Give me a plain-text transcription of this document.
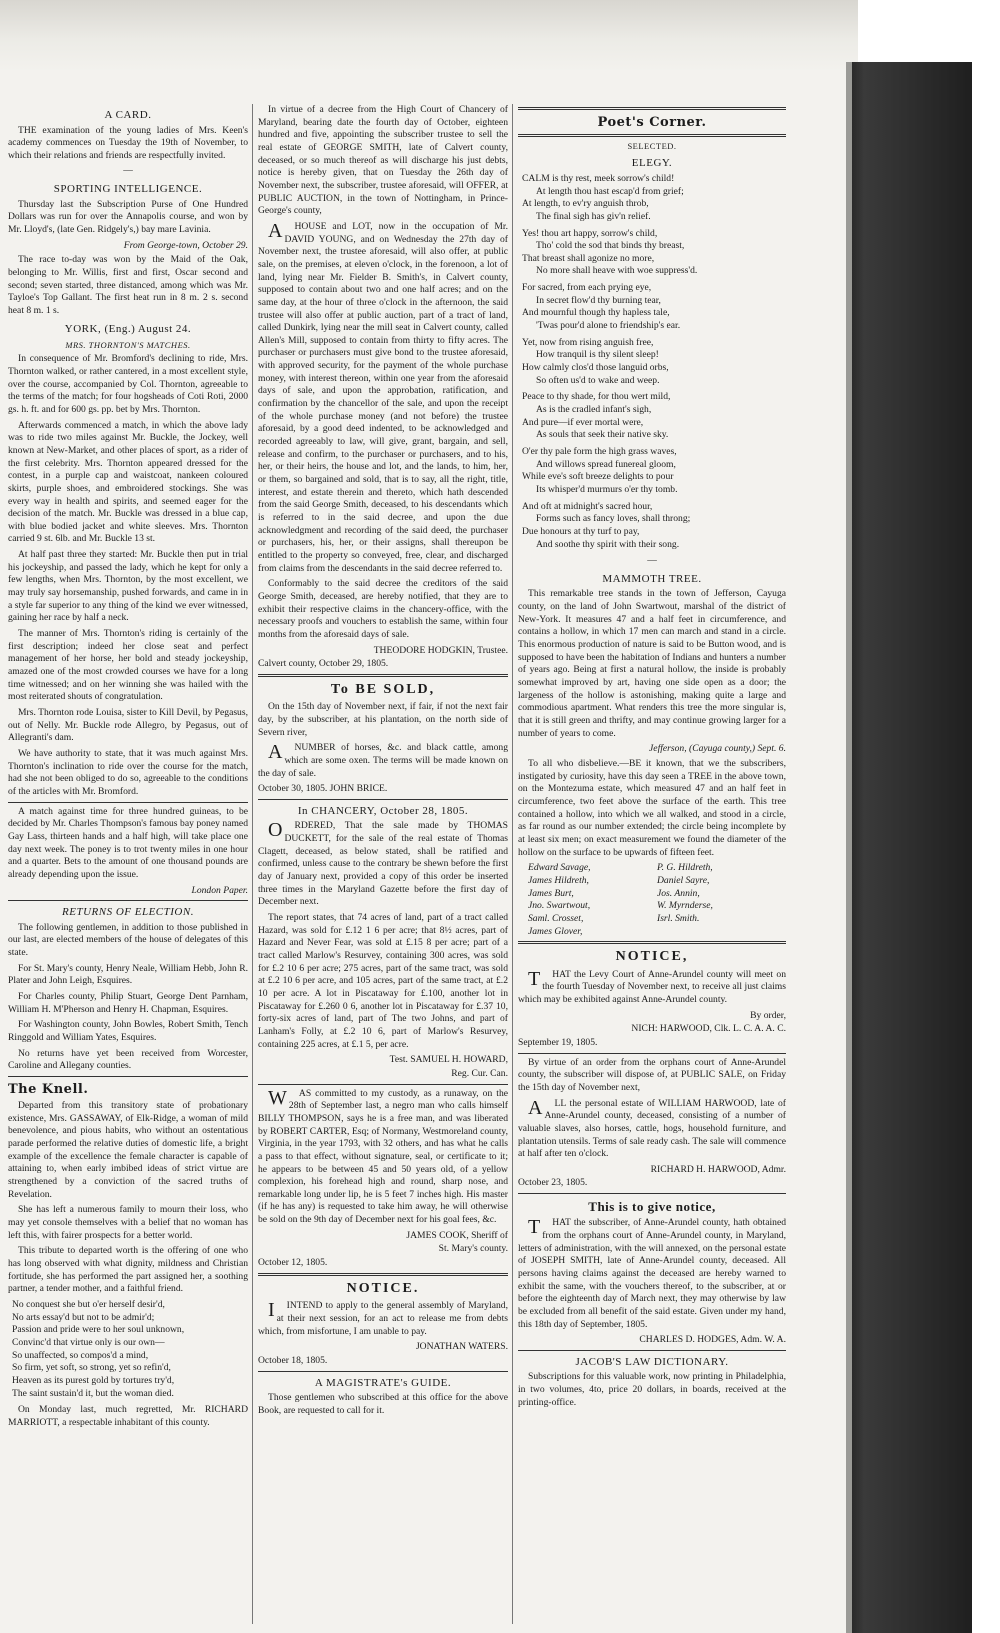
A CARD.

THE examination of the young ladies of Mrs. Keen's academy commences on Tuesday the 19th of November, to which their relations and friends are respectfully invited.

—
SPORTING INTELLIGENCE.

Thursday last the Subscription Purse of One Hundred Dollars was run for over the Annapolis course, and won by Mr. Lloyd's, (late Gen. Ridgely's,) bay mare Lavinia.

From George-town, October 29.

The race to-day was won by the Maid of the Oak, belonging to Mr. Willis, first and first, Oscar second and second; seven started, three distanced, among which was Mr. Tayloe's Top Gallant. The first heat run in 8 m. 2 s. second heat 8 m. 1 s.

YORK, (Eng.) August 24.
MRS. THORNTON'S MATCHES.

In consequence of Mr. Bromford's declining to ride, Mrs. Thornton walked, or rather cantered, in a most excellent style, over the course, accompanied by Col. Thornton, agreeable to the terms of the match; for four hogsheads of Coti Roti, 2000 gs. h. ft. and for 600 gs. pp. bet by Mrs. Thornton.

Afterwards commenced a match, in which the above lady was to ride two miles against Mr. Buckle, the Jockey, well known at New-Market, and other places of sport, as a rider of the first celebrity. Mrs. Thornton appeared dressed for the contest, in a purple cap and waistcoat, nankeen coloured skirts, purple shoes, and embroidered stockings. She was every way in health and spirits, and seemed eager for the decision of the match. Mr. Buckle was dressed in a blue cap, with blue bodied jacket and white sleeves. Mrs. Thornton carried 9 st. 6lb. and Mr. Buckle 13 st.

At half past three they started: Mr. Buckle then put in trial his jockeyship, and passed the lady, which he kept for only a few lengths, when Mrs. Thornton, by the most excellent, we may truly say horsemanship, pushed forwards, and came in in a style far superior to any thing of the kind we ever witnessed, gaining her race by half a neck.

The manner of Mrs. Thornton's riding is certainly of the first description; indeed her close seat and perfect management of her horse, her bold and steady jockeyship, amazed one of the most crowded courses we have for a long time witnessed; and on her winning she was hailed with the most reiterated shouts of congratulation.

Mrs. Thornton rode Louisa, sister to Kill Devil, by Pegasus, out of Nelly. Mr. Buckle rode Allegro, by Pegasus, out of Allegranti's dam.

We have authority to state, that it was much against Mrs. Thornton's inclination to ride over the course for the match, had she not been obliged to do so, agreeable to the conditions of the articles with Mr. Bromford.

A match against time for three hundred guineas, to be decided by Mr. Charles Thompson's famous bay poney named Gay Lass, thirteen hands and a half high, will take place one day next week. The poney is to trot twenty miles in one hour and a quarter. Bets to the amount of one thousand pounds are already depending upon the issue.

London Paper.
RETURNS OF ELECTION.

The following gentlemen, in addition to those published in our last, are elected members of the house of delegates of this state.

For St. Mary's county, Henry Neale, William Hebb, John R. Plater and John Leigh, Esquires.

For Charles county, Philip Stuart, George Dent Parnham, William H. M'Pherson and Henry H. Chapman, Esquires.

For Washington county, John Bowles, Robert Smith, Tench Ringgold and William Yates, Esquires.

No returns have yet been received from Worcester, Caroline and Allegany counties.

The Knell.

Departed from this transitory state of probationary existence, Mrs. GASSAWAY, of Elk-Ridge, a woman of mild benevolence, and pious habits, who without an ostentatious parade performed the relative duties of domestic life, a bright example of the excellence the female character is capable of attaining to, when early imbibed ideas of strict virtue are strengthened by a conviction of the sacred truths of Revelation.

She has left a numerous family to mourn their loss, who may yet console themselves with a belief that no woman has left this, with fairer prospects for a better world.

This tribute to departed worth is the offering of one who has long observed with what dignity, mildness and Christian fortitude, she has performed the part assigned her, a soothing partner, a tender mother, and a faithful friend.

No conquest she but o'er herself desir'd,
No arts essay'd but not to be admir'd;
Passion and pride were to her soul unknown,
Convinc'd that virtue only is our own—
So unaffected, so compos'd a mind,
So firm, yet soft, so strong, yet so refin'd,
Heaven as its purest gold by tortures try'd,
The saint sustain'd it, but the woman died.

On Monday last, much regretted, Mr. RICHARD MARRIOTT, a respectable inhabitant of this county.

In virtue of a decree from the High Court of Chancery of Maryland, bearing date the fourth day of October, eighteen hundred and five, appointing the subscriber trustee to sell the real estate of GEORGE SMITH, late of Calvert county, deceased, or so much thereof as will discharge his just debts, notice is hereby given, that on Tuesday the 26th day of November next, the subscriber, trustee aforesaid, will OFFER, at PUBLIC AUCTION, in the town of Nottingham, in Prince-George's county,

AHOUSE and LOT, now in the occupation of Mr. DAVID YOUNG, and on Wednesday the 27th day of November next, the trustee aforesaid, will also offer, at public sale, on the premises, at eleven o'clock, in the forenoon, a lot of land, lying near Mr. Fielder B. Smith's, in Calvert county, supposed to contain about two and one half acres; and on the same day, at the hour of three o'clock in the afternoon, the said trustee will also offer at public auction, part of a tract of land, called Dunkirk, lying near the mill seat in Calvert county, called Allen's Mill, supposed to contain from thirty to fifty acres. The purchaser or purchasers must give bond to the trustee aforesaid, with approved security, for the payment of the whole purchase money, with interest thereon, within one year from the aforesaid days of sale, and upon the approbation, ratification, and confirmation by the chancellor of the sale, and upon the receipt of the whole purchase money (and not before) the trustee aforesaid, by a good deed indented, to be acknowledged and recorded agreeably to law, will give, grant, bargain, and sell, release and confirm, to the purchaser or purchasers, and to his, her, or their heirs, the house and lot, and the lands, to him, her, or them, so bargained and sold, that is to say, all the right, title, interest, and estate therein and thereto, which hath descended from the said George Smith, deceased, to his descendants which is referred to in the said decree, and upon the due acknowledgment and recording of the said deed, the purchaser or purchasers, his, her, or their assigns, shall thereupon be entitled to the property so conveyed, free, clear, and discharged from claims from the descendants in the said decree referred to.

Conformably to the said decree the creditors of the said George Smith, deceased, are hereby notified, that they are to exhibit their respective claims in the chancery-office, with the necessary proofs and vouchers to establish the same, within four months from the aforesaid days of sale.

THEODORE HODGKIN, Trustee.
Calvert county, October 29, 1805.
To BE SOLD,

On the 15th day of November next, if fair, if not the next fair day, by the subscriber, at his plantation, on the north side of Severn river,

ANUMBER of horses, &c. and black cattle, among which are some oxen. The terms will be made known on the day of sale.

October 30, 1805. JOHN BRICE.
In CHANCERY, October 28, 1805.

ORDERED, That the sale made by THOMAS DUCKETT, for the sale of the real estate of Thomas Clagett, deceased, as below stated, shall be ratified and confirmed, unless cause to the contrary be shewn before the first day of January next, provided a copy of this order be inserted three times in the Maryland Gazette before the first day of December next.

The report states, that 74 acres of land, part of a tract called Hazard, was sold for £.12 1 6 per acre; that 8½ acres, part of Hazard and Never Fear, was sold at £.15 8 per acre; part of a tract called Marlow's Resurvey, containing 300 acres, was sold for £.2 10 6 per acre; 275 acres, part of the same tract, was sold at £.2 10 6 per acre, and 105 acres, part of the same tract, at £.2 10 per acre. A lot in Piscataway for £.100, another lot in Piscataway for £.260 0 6, another lot in Piscataway for £.37 10, forty-six acres of land, part of The two Johns, and part of Lanham's Folly, at £.2 10 6, part of Marlow's Resurvey, containing 225 acres, at £.1 5, per acre.

Test. SAMUEL H. HOWARD,
Reg. Cur. Can.

WAS committed to my custody, as a runaway, on the 28th of September last, a negro man who calls himself BILLY THOMPSON, says he is a free man, and was liberated by ROBERT CARTER, Esq; of Normany, Westmoreland county, Virginia, in the year 1793, with 32 others, and has what he calls a pass to that effect, without signature, seal, or certificate to it; he appears to be between 45 and 50 years old, of a yellow complexion, his forehead high and round, sharp nose, and remarkable long under lip, he is 5 feet 7 inches high. His master (if he has any) is requested to take him away, he will otherwise be sold on the 9th day of December next for his goal fees, &c.

JAMES COOK, Sheriff of
St. Mary's county.
October 12, 1805.
NOTICE.

IINTEND to apply to the general assembly of Maryland, at their next session, for an act to release me from debts which, from misfortune, I am unable to pay.

JONATHAN WATERS.
October 18, 1805.
A MAGISTRATE's GUIDE.

Those gentlemen who subscribed at this office for the above Book, are requested to call for it.

Poet's Corner.
SELECTED.
ELEGY.
CALM is thy rest, meek sorrow's child!
At length thou hast escap'd from grief;
At length, to ev'ry anguish throb,
The final sigh has giv'n relief.
Yes! thou art happy, sorrow's child,
Tho' cold the sod that binds thy breast,
That breast shall agonize no more,
No more shall heave with woe suppress'd.
For sacred, from each prying eye,
In secret flow'd thy burning tear,
And mournful though thy hapless tale,
'Twas pour'd alone to friendship's ear.
Yet, now from rising anguish free,
How tranquil is thy silent sleep!
How calmly clos'd those languid orbs,
So often us'd to wake and weep.
Peace to thy shade, for thou wert mild,
As is the cradled infant's sigh,
And pure—if ever mortal were,
As souls that seek their native sky.
O'er thy pale form the high grass waves,
And willows spread funereal gloom,
While eve's soft breeze delights to pour
Its whisper'd murmurs o'er thy tomb.
And oft at midnight's sacred hour,
Forms such as fancy loves, shall throng;
Due honours at thy turf to pay,
And soothe thy spirit with their song.
—
MAMMOTH TREE.

This remarkable tree stands in the town of Jefferson, Cayuga county, on the land of John Swartwout, marshal of the district of New-York. It measures 47 and a half feet in circumference, and contains a hollow, in which 17 men can march and stand in a circle. This enormous production of nature is said to be Button wood, and is supposed to have been the habitation of Indians and hunters a number of years ago. Being at first a natural hollow, the inside is probably somewhat improved by art, having one side open as a door; the largeness of the hollow is astonishing, making quite a large and commodious apartment. What renders this tree the more singular is, that it is still green and thrifty, and may continue growing larger for a number of years to come.

Jefferson, (Cayuga county,) Sept. 6.

To all who disbelieve.—BE it known, that we the subscribers, instigated by curiosity, have this day seen a TREE in the above town, on the Montezuma estate, which measured 47 and an half feet in circumference, two feet above the surface of the earth. This tree contained a hollow, into which we all walked, and stood in a circle, as far round as our number extended; the circle being incomplete by at least six men; on exact measurement we found the diameter of the hollow on the surface to be upwards of fifteen feet.

Edward Savage,	P. G. Hildreth,
James Hildreth,	Daniel Sayre,
James Burt,	Jos. Annin,
Jno. Swartwout,	W. Myrnderse,
Saml. Crosset,	Isrl. Smith.
James Glover,
NOTICE,

THAT the Levy Court of Anne-Arundel county will meet on the fourth Tuesday of November next, to receive all just claims which may be exhibited against Anne-Arundel county.

By order,
NICH: HARWOOD, Clk. L. C. A. A. C.
September 19, 1805.

By virtue of an order from the orphans court of Anne-Arundel county, the subscriber will dispose of, at PUBLIC SALE, on Friday the 15th day of November next,

ALL the personal estate of WILLIAM HARWOOD, late of Anne-Arundel county, deceased, consisting of a number of valuable slaves, also horses, cattle, hogs, household furniture, and plantation utensils. Terms of sale ready cash. The sale will commence at half after ten o'clock.

RICHARD H. HARWOOD, Admr.
October 23, 1805.
This is to give notice,

THAT the subscriber, of Anne-Arundel county, hath obtained from the orphans court of Anne-Arundel county, in Maryland, letters of administration, with the will annexed, on the personal estate of JOSEPH SMITH, late of Anne-Arundel county, deceased. All persons having claims against the deceased are hereby warned to exhibit the same, with the vouchers thereof, to the subscriber, at or before the eighteenth day of March next, they may otherwise by law be excluded from all benefit of the said estate. Given under my hand, this 18th day of September, 1805.

CHARLES D. HODGES, Adm. W. A.
JACOB'S LAW DICTIONARY.

Subscriptions for this valuable work, now printing in Philadelphia, in two volumes, 4to, price 20 dollars, in boards, received at the printing-office.
